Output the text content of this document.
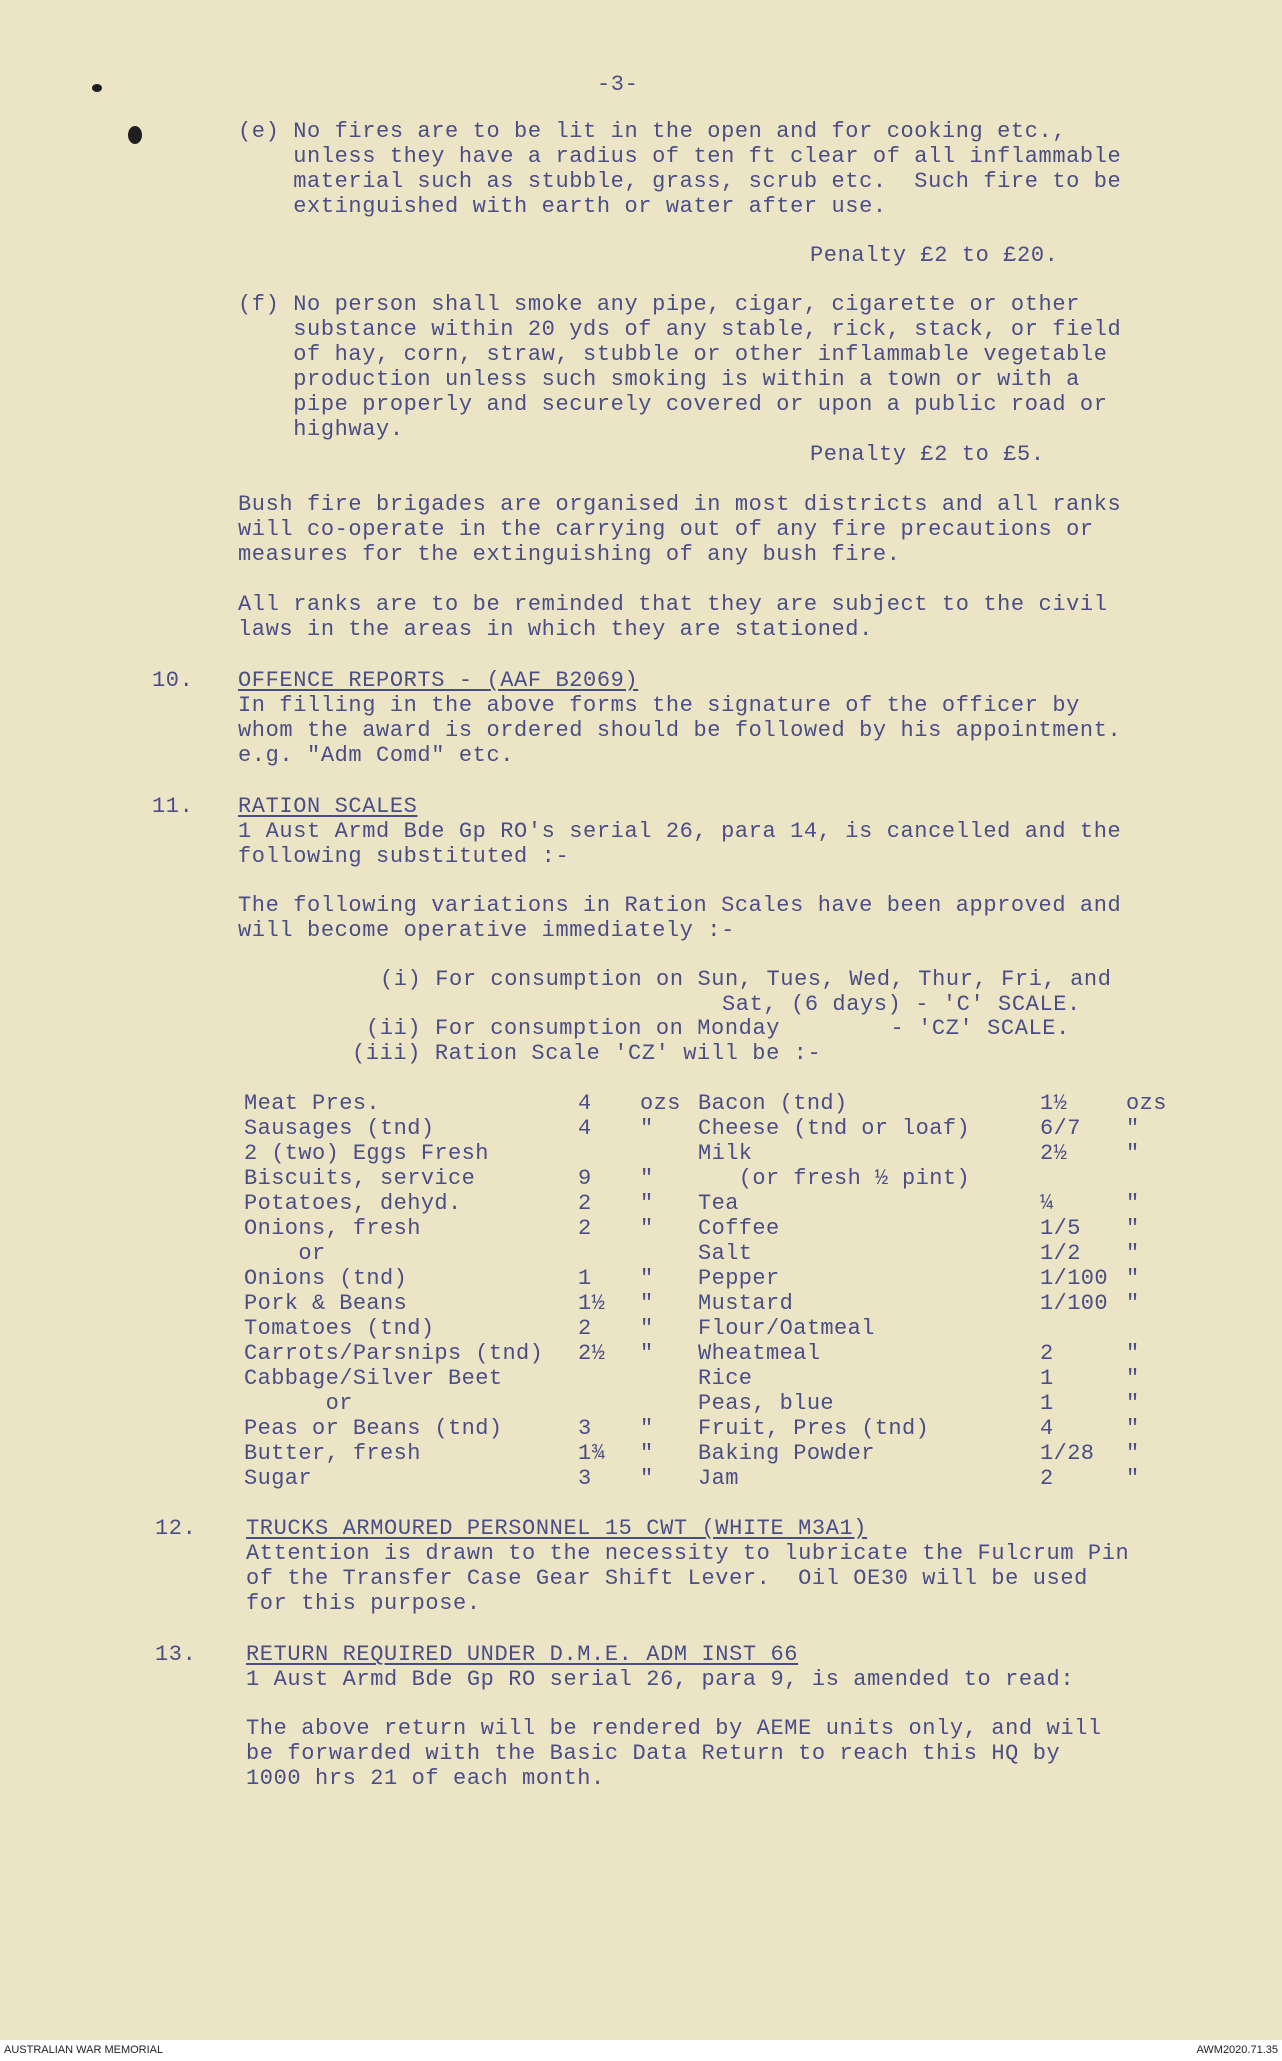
-3-
(e) No fires are to be lit in the open and for cooking etc.,
unless they have a radius of ten ft clear of all inflammable
material such as stubble, grass, scrub etc.  Such fire to be
extinguished with earth or water after use.
Penalty £2 to £20.
(f) No person shall smoke any pipe, cigar, cigarette or other
substance within 20 yds of any stable, rick, stack, or field
of hay, corn, straw, stubble or other inflammable vegetable
production unless such smoking is within a town or with a
pipe properly and securely covered or upon a public road or
highway.
Penalty £2 to £5.
Bush fire brigades are organised in most districts and all ranks
will co-operate in the carrying out of any fire precautions or
measures for the extinguishing of any bush fire.
All ranks are to be reminded that they are subject to the civil
laws in the areas in which they are stationed.
10. OFFENCE REPORTS - (AAF B2069)
In filling in the above forms the signature of the officer by
whom the award is ordered should be followed by his appointment.
e.g. "Adm Comd" etc.
11. RATION SCALES
1 Aust Armd Bde Gp RO's serial 26, para 14, is cancelled and the
following substituted :-
The following variations in Ration Scales have been approved and
will become operative immediately :-
(i) For consumption on Sun, Tues, Wed, Thur, Fri, and
Sat, (6 days) - 'C' SCALE.
(ii) For consumption on Monday        - 'CZ' SCALE.
(iii) Ration Scale 'CZ' will be :-
Meat Pres.	4 ozs Bacon (tnd)	1½	ozs
Sausages (tnd)	4 " Cheese (tnd or loaf)	6/7 "
2 (two) Eggs Fresh	Milk	2½	"
Biscuits, service	9 " (or fresh ½ pint)
Potatoes, dehyd.	2 " Tea	¼	"
Onions, fresh	2 " Coffee	1/5 "
or	Salt	1/2 "
Onions (tnd)	1 " Pepper	1/100 "
Pork & Beans	1½ " Mustard	1/100 "
Tomatoes (tnd)	2 " Flour/Oatmeal
Carrots/Parsnips (tnd) 2½ " Wheatmeal	2	"
Cabbage/Silver Beet	Rice	1	"
or	Peas, blue	1	"
Peas or Beans (tnd)	3 " Fruit, Pres (tnd)	4	"
Butter, fresh	1¾ " Baking Powder	1/28 "
Sugar	3 " Jam	2	"
12. TRUCKS ARMOURED PERSONNEL 15 CWT (WHITE M3A1)
Attention is drawn to the necessity to lubricate the Fulcrum Pin
of the Transfer Case Gear Shift Lever.  Oil OE30 will be used
for this purpose.
13. RETURN REQUIRED UNDER D.M.E. ADM INST 66
1 Aust Armd Bde Gp RO serial 26, para 9, is amended to read:
The above return will be rendered by AEME units only, and will
be forwarded with the Basic Data Return to reach this HQ by
1000 hrs 21 of each month.
AUSTRALIAN WAR MEMORIAL	AWM2020.71.35
